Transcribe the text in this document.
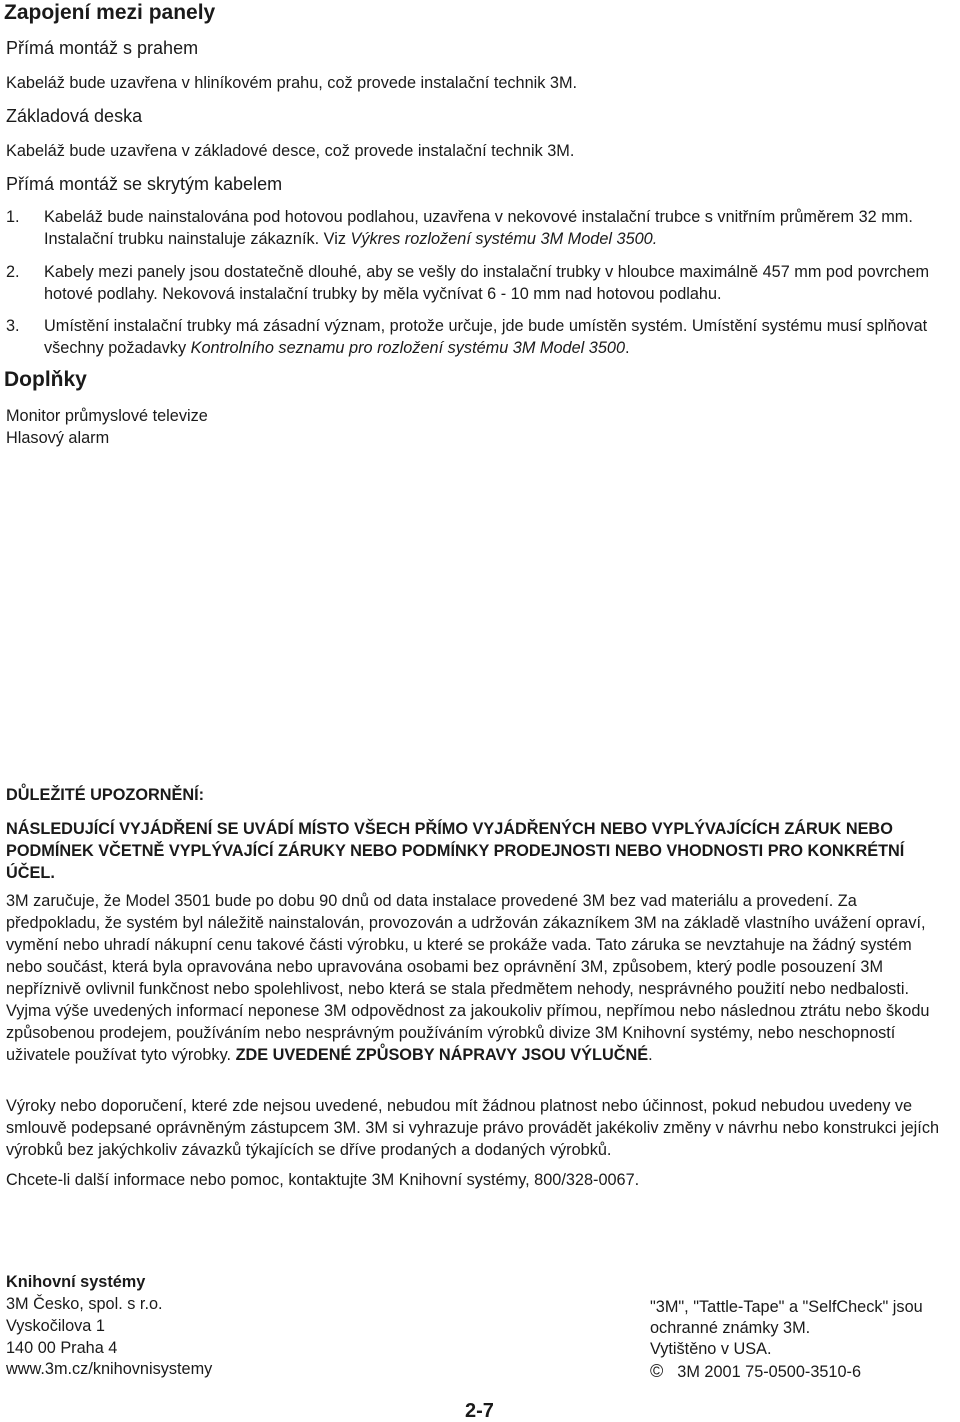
Zapojení mezi panely
Přímá montáž s prahem
Kabeláž bude uzavřena v hliníkovém prahu, což provede instalační technik 3M.
Základová deska
Kabeláž bude uzavřena v základové desce, což provede instalační technik 3M.
Přímá montáž se skrytým kabelem
1.	Kabeláž bude nainstalována pod hotovou podlahou, uzavřena v nekovové instalační trubce s vnitřním průměrem 32 mm. Instalační trubku nainstaluje zákazník. Viz Výkres rozložení systému 3M Model 3500.
2.	Kabely mezi panely jsou dostatečně dlouhé, aby se vešly do instalační trubky v hloubce maximálně 457 mm pod povrchem hotové podlahy. Nekovová instalační trubky by měla vyčnívat 6 - 10 mm nad hotovou podlahu.
3.	Umístění instalační trubky má zásadní význam, protože určuje, jde bude umístěn systém. Umístění systému musí splňovat všechny požadavky Kontrolního seznamu pro rozložení systému 3M Model 3500.
Doplňky
Monitor průmyslové televize
Hlasový alarm
DŮLEŽITÉ UPOZORNĚNÍ:
NÁSLEDUJÍCÍ VYJÁDŘENÍ SE UVÁDÍ MÍSTO VŠECH PŘÍMO VYJÁDŘENÝCH NEBO VYPLÝVAJÍCÍCH ZÁRUK NEBO PODMÍNEK VČETNĚ VYPLÝVAJÍCÍ ZÁRUKY NEBO PODMÍNKY PRODEJNOSTI NEBO VHODNOSTI PRO KONKRÉTNÍ ÚČEL.
3M zaručuje, že Model 3501 bude po dobu 90 dnů od data instalace provedené 3M bez vad materiálu a provedení. Za předpokladu, že systém byl náležitě nainstalován, provozován a udržován zákazníkem 3M na základě vlastního uvážení opraví, vymění nebo uhradí nákupní cenu takové části výrobku, u které se prokáže vada. Tato záruka se nevztahuje na žádný systém nebo součást, která byla opravována nebo upravována osobami bez oprávnění 3M, způsobem, který podle posouzení 3M nepříznivě ovlivnil funkčnost nebo spolehlivost, nebo která se stala předmětem nehody, nesprávného použití nebo nedbalosti. Vyjma výše uvedených informací neponese 3M odpovědnost za jakoukoliv přímou, nepřímou nebo následnou ztrátu nebo škodu způsobenou prodejem, používáním nebo nesprávným používáním výrobků divize 3M Knihovní systémy, nebo neschopností uživatele používat tyto výrobky. ZDE UVEDENÉ ZPŮSOBY NÁPRAVY JSOU VÝLUČNÉ.
Výroky nebo doporučení, které zde nejsou uvedené, nebudou mít žádnou platnost nebo účinnost, pokud nebudou uvedeny ve smlouvě podepsané oprávněným zástupcem 3M. 3M si vyhrazuje právo provádět jakékoliv změny v návrhu nebo konstrukci jejích výrobků bez jakýchkoliv závazků týkajících se dříve prodaných a dodaných výrobků.
Chcete-li další informace nebo pomoc, kontaktujte 3M Knihovní systémy, 800/328-0067.
Knihovní systémy
3M Česko, spol. s r.o.
Vyskočilova 1
140 00 Praha 4
www.3m.cz/knihovnisystemy
"3M", "Tattle-Tape" a "SelfCheck" jsou
ochranné známky 3M.
Vytištěno v USA.
© 3M 2001 75-0500-3510-6
2-7
